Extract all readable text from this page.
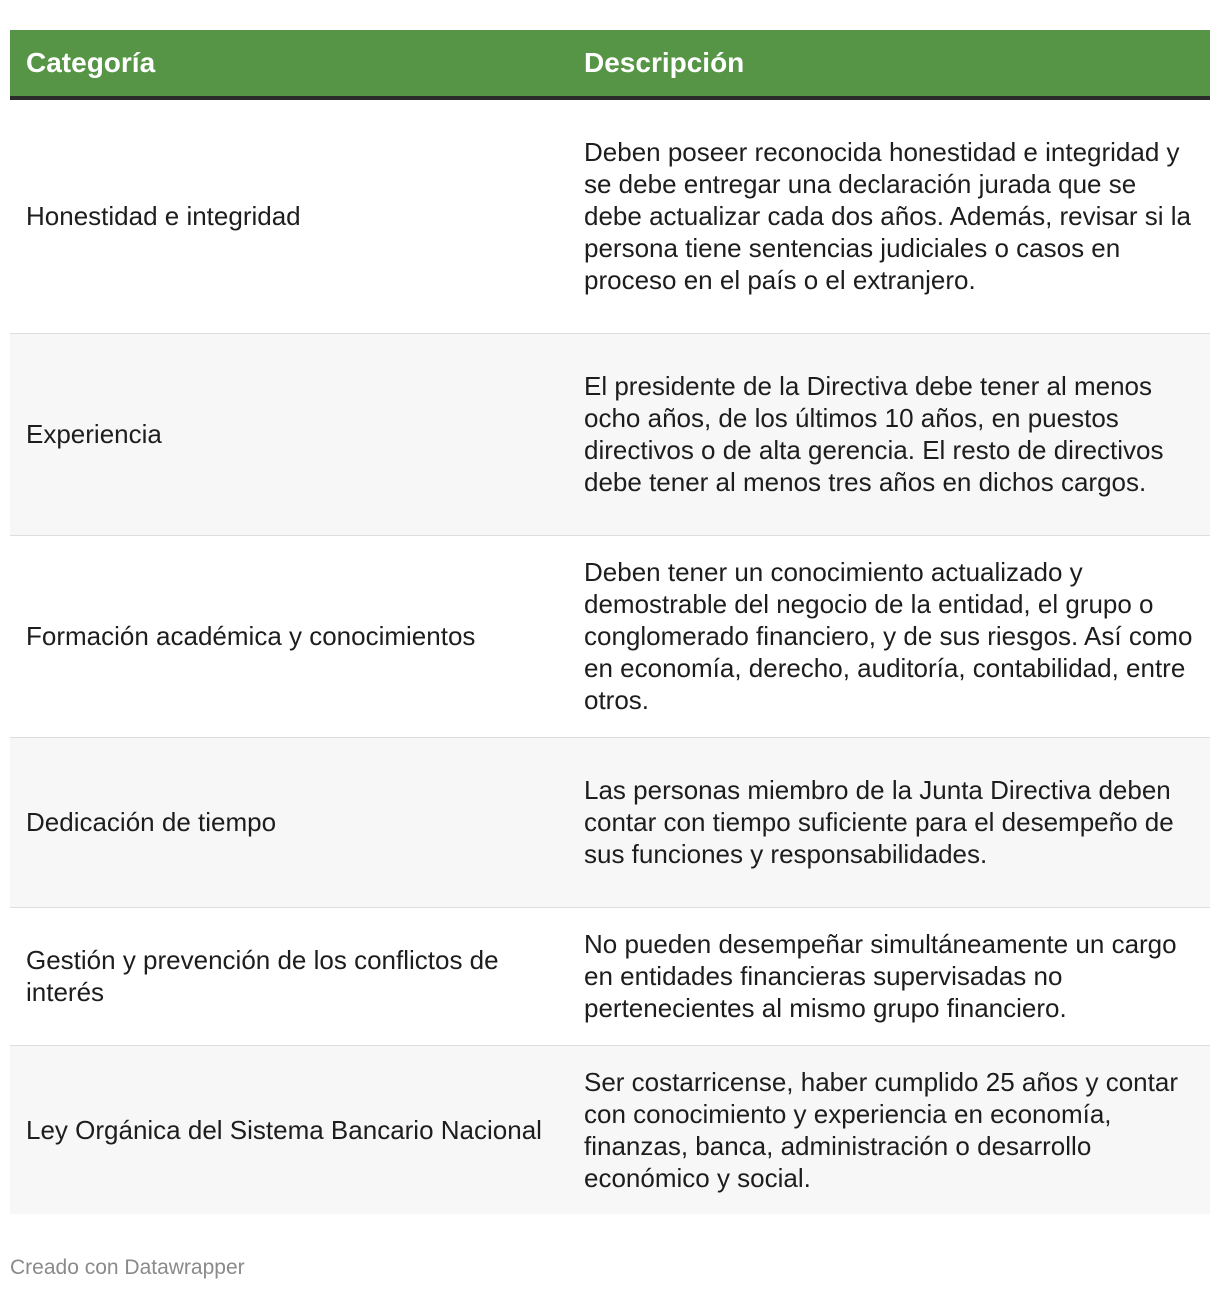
Categoría	Descripción
Honestidad e integridad	Deben poseer reconocida honestidad e integridad y se debe entregar una declaración jurada que se debe actualizar cada dos años. Además, revisar si la persona tiene sentencias judiciales o casos en proceso en el país o el extranjero.
Experiencia	El presidente de la Directiva debe tener al menos ocho años, de los últimos 10 años, en puestos directivos o de alta gerencia. El resto de directivos debe tener al menos tres años en dichos cargos.
Formación académica y conocimientos	Deben tener un conocimiento actualizado y demostrable del negocio de la entidad, el grupo o conglomerado financiero, y de sus riesgos. Así como en economía, derecho, auditoría, contabilidad, entre otros.
Dedicación de tiempo	Las personas miembro de la Junta Directiva deben contar con tiempo suficiente para el desempeño de sus funciones y responsabilidades.
Gestión y prevención de los conflictos de interés	No pueden desempeñar simultáneamente un cargo en entidades financieras supervisadas no pertenecientes al mismo grupo financiero.
Ley Orgánica del Sistema Bancario Nacional	Ser costarricense, haber cumplido 25 años y contar con conocimiento y experiencia en economía, finanzas, banca, administración o desarrollo económico y social.
Creado con Datawrapper
